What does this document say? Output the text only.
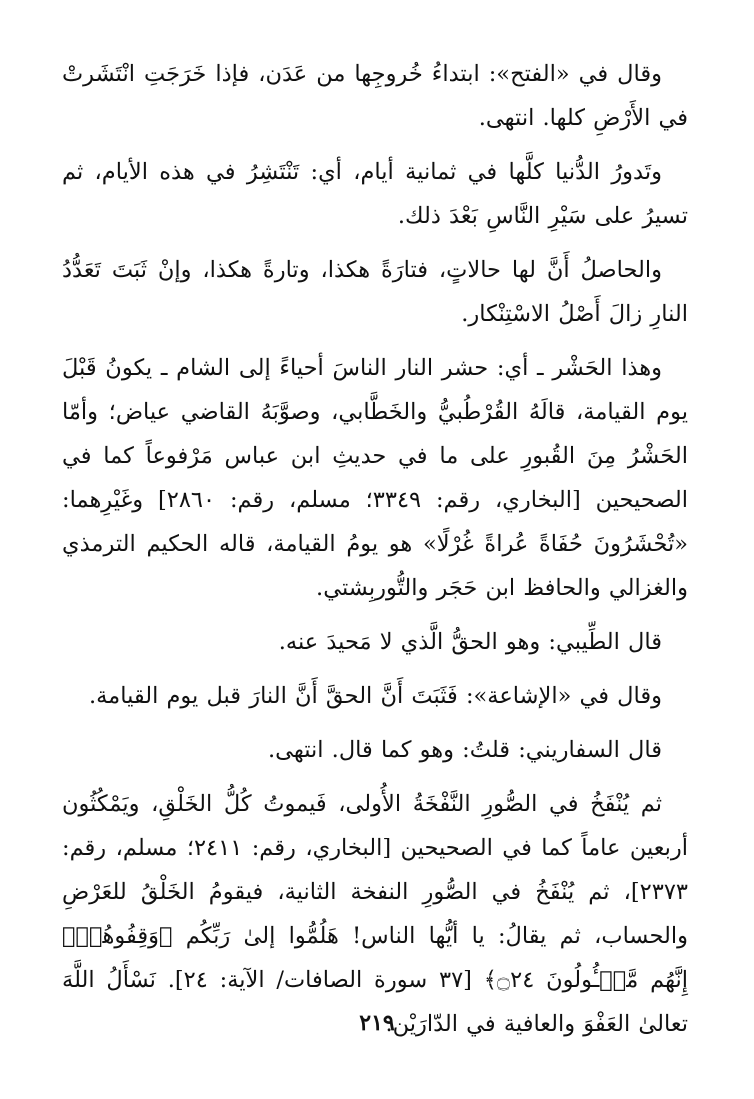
وقال في «الفتح»: ابتداءُ خُروجِها من عَدَن، فإذا خَرَجَتِ انْتَشَرتْ في الأَرْضِ كلها. انتهى.

وتَدورُ الدُّنيا كلَّها في ثمانية أيام، أي: تَنْتَشِرُ في هذه الأيام، ثم تسيرُ على سَيْرِ النَّاسِ بَعْدَ ذلك.

والحاصلُ أَنَّ لها حالاتٍ، فتارَةً هكذا، وتارةً هكذا، وإنْ ثَبَتَ تَعَدُّدُ النارِ زالَ أَصْلُ الاسْتِنْكار.

وهذا الحَشْر ـ أي: حشر النار الناسَ أحياءً إلى الشام ـ يكونُ قَبْلَ يوم القيامة، قالَهُ القُرْطُبيُّ والخَطَّابي، وصوَّبَهُ القاضي عياض؛ وأمّا الحَشْرُ مِنَ القُبورِ على ما في حديثِ ابن عباس مَرْفوعاً كما في الصحيحين [البخاري، رقم: ٣٣٤٩؛ مسلم، رقم: ٢٨٦٠] وغَيْرِهما: «تُحْشَرُونَ حُفَاةً عُراةً غُرْلًا» هو يومُ القيامة، قاله الحكيم الترمذي والغزالي والحافظ ابن حَجَر والتُّوربِشتي.

قال الطِّيبي: وهو الحقُّ الَّذي لا مَحيدَ عنه.

وقال في «الإشاعة»: فَثَبَتَ أَنَّ الحقَّ أَنَّ النارَ قبل يوم القيامة.

قال السفاريني: قلتُ: وهو كما قال. انتهى.

ثم يُنْفَخُ في الصُّورِ النَّفْخَةُ الأُولى، فَيموتُ كُلُّ الخَلْقِ، ويَمْكُثُون أربعين عاماً كما في الصحيحين [البخاري، رقم: ٢٤١١؛ مسلم، رقم: ٢٣٧٣]، ثم يُنْفَخُ في الصُّورِ النفخة الثانية، فيقومُ الخَلْقُ للعَرْضِ والحساب، ثم يقالُ: يا أيُّها الناس! هَلُمُّوا إلىٰ رَبِّكُم ﴿وَقِفُوهُمْۖ إِنَّهُم مَّسۡـُٔولُونَ ۝٢٤﴾ [٣٧ سورة الصافات/ الآية: ٢٤]. نَسْأَلُ اللَّهَ تعالىٰ العَفْوَ والعافية في الدّارَيْن.

٢١٩
